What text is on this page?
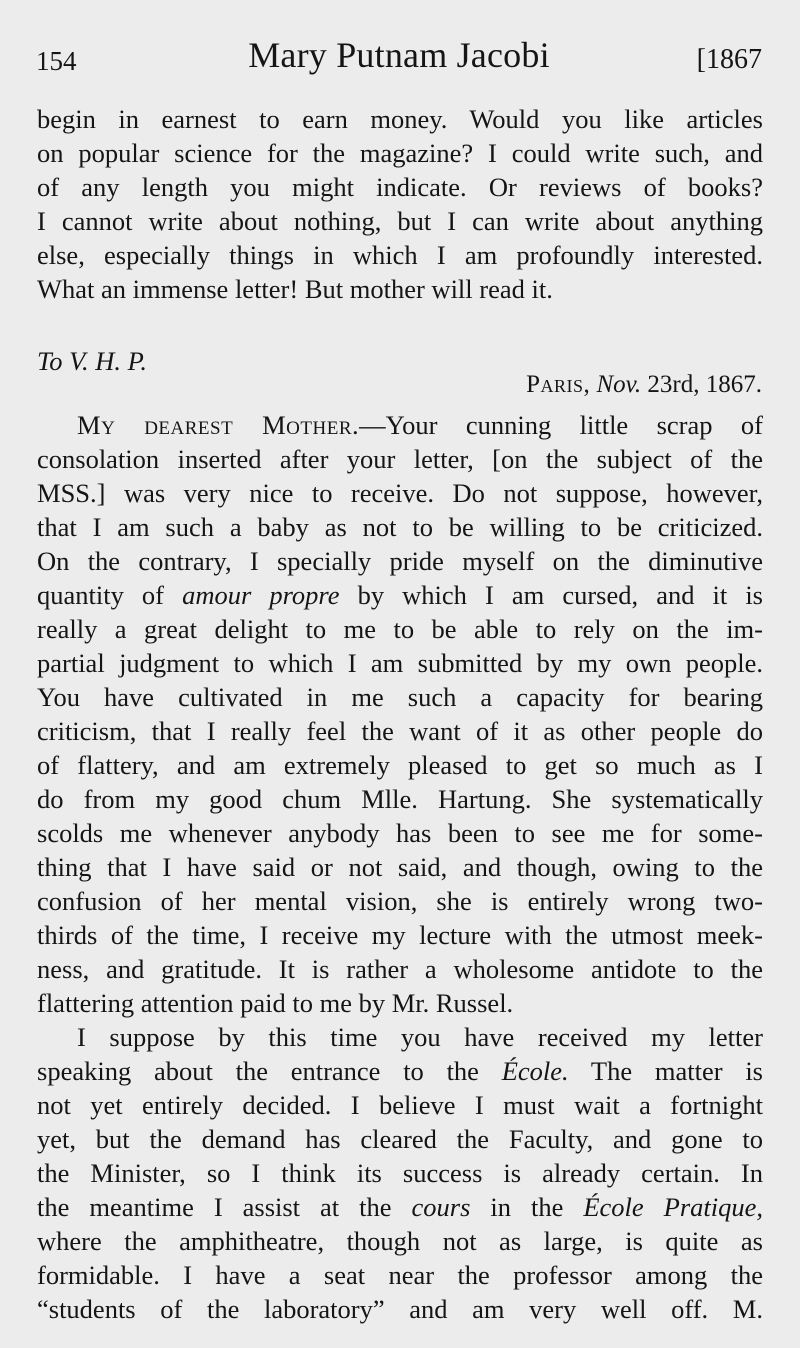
154	Mary Putnam Jacobi	[1867
begin in earnest to earn money. Would you like articles
on popular science for the magazine? I could write such, and
of any length you might indicate. Or reviews of books?
I cannot write about nothing, but I can write about anything
else, especially things in which I am profoundly interested.
What an immense letter! But mother will read it.
To V. H. P.
Paris, Nov. 23rd, 1867.
My dearest Mother.—Your cunning little scrap of
consolation inserted after your letter, [on the subject of the
MSS.] was very nice to receive. Do not suppose, however,
that I am such a baby as not to be willing to be criticized.
On the contrary, I specially pride myself on the diminutive
quantity of amour propre by which I am cursed, and it is
really a great delight to me to be able to rely on the im-
partial judgment to which I am submitted by my own people.
You have cultivated in me such a capacity for bearing
criticism, that I really feel the want of it as other people do
of flattery, and am extremely pleased to get so much as I
do from my good chum Mlle. Hartung. She systematically
scolds me whenever anybody has been to see me for some-
thing that I have said or not said, and though, owing to the
confusion of her mental vision, she is entirely wrong two-
thirds of the time, I receive my lecture with the utmost meek-
ness, and gratitude. It is rather a wholesome antidote to the
flattering attention paid to me by Mr. Russel.
I suppose by this time you have received my letter
speaking about the entrance to the École. The matter is
not yet entirely decided. I believe I must wait a fortnight
yet, but the demand has cleared the Faculty, and gone to
the Minister, so I think its success is already certain. In
the meantime I assist at the cours in the École Pratique,
where the amphitheatre, though not as large, is quite as
formidable. I have a seat near the professor among the
“students of the laboratory” and am very well off. M.
